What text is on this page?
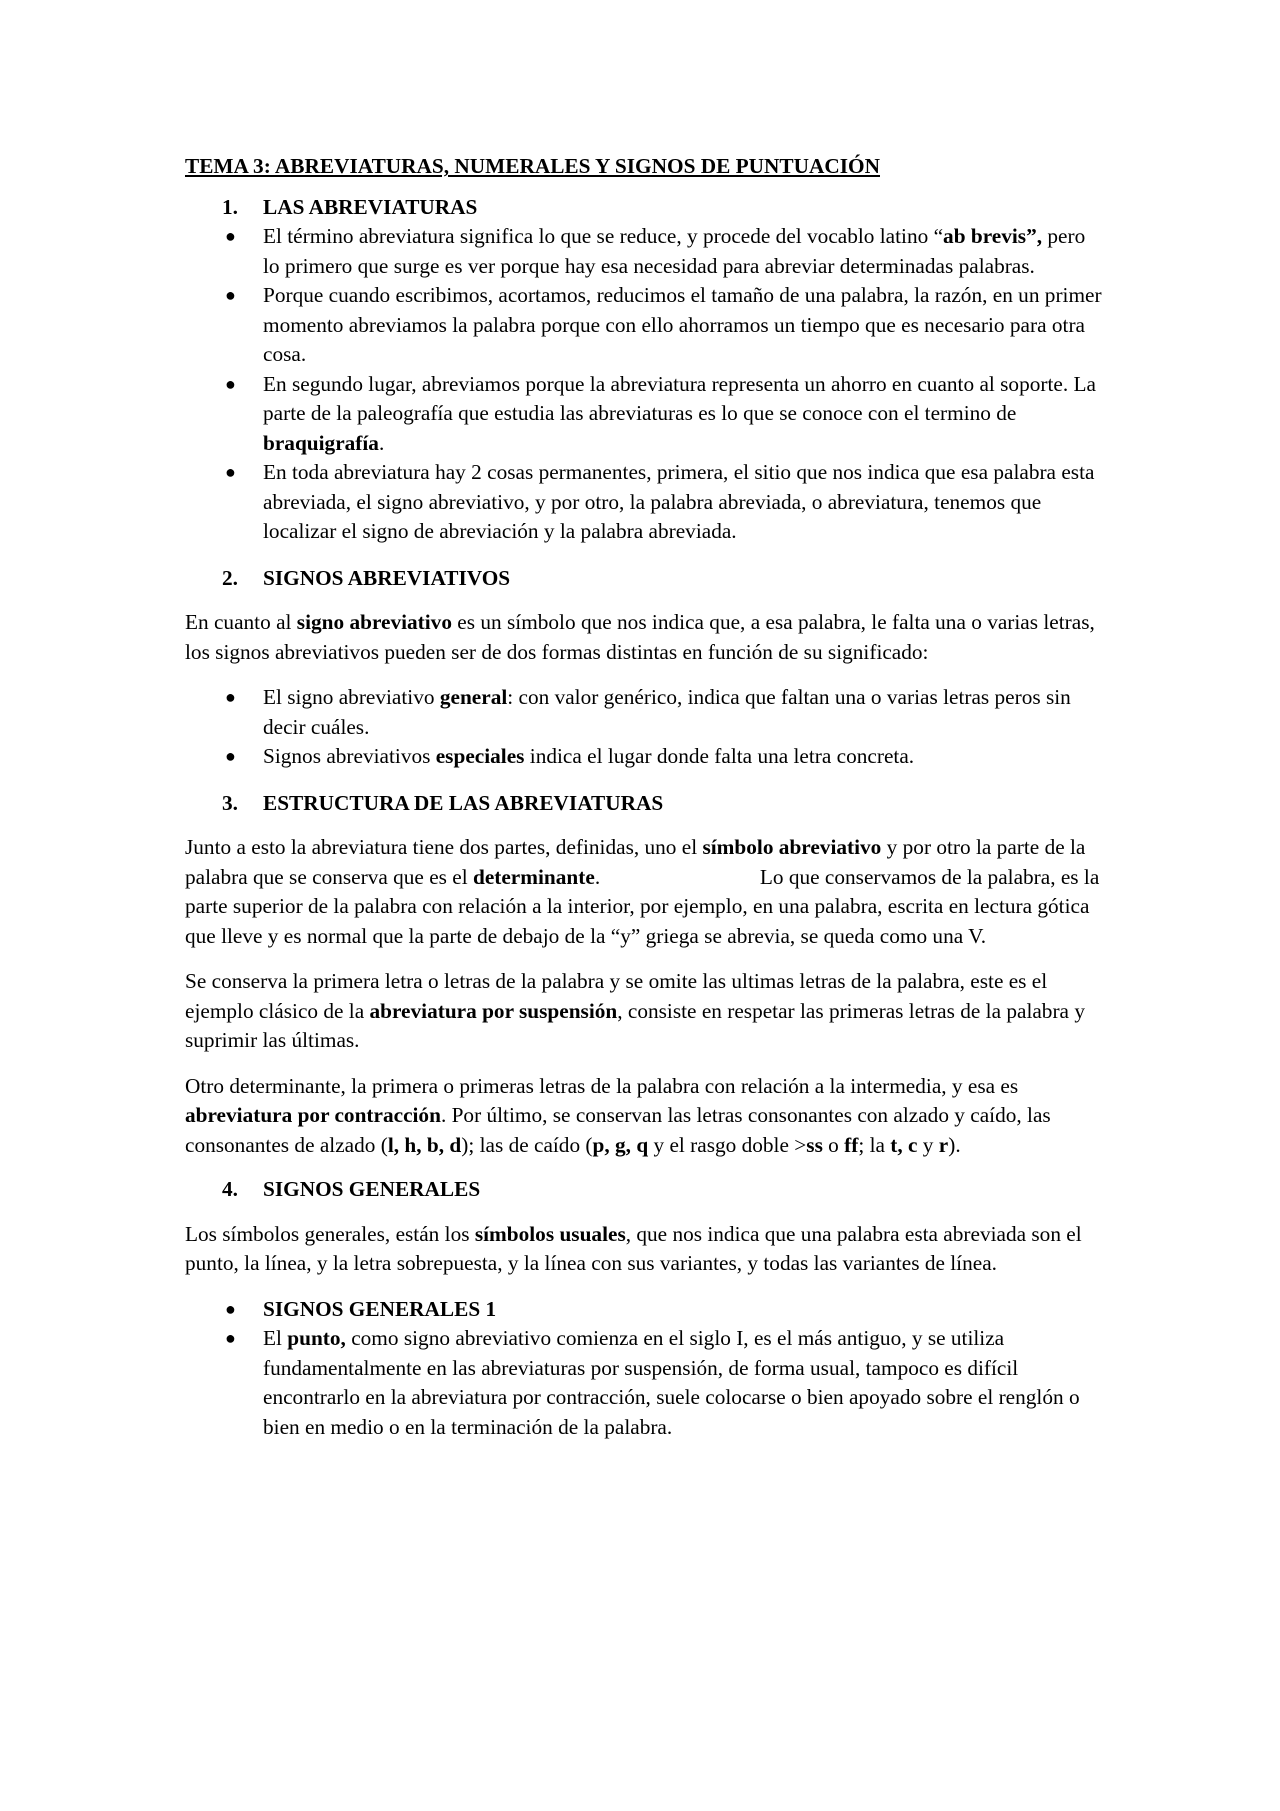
TEMA 3: ABREVIATURAS, NUMERALES Y SIGNOS DE PUNTUACIÓN
1. LAS ABREVIATURAS
● El término abreviatura significa lo que se reduce, y procede del vocablo latino “ab brevis”, pero lo primero que surge es ver porque hay esa necesidad para abreviar determinadas palabras.
● Porque cuando escribimos, acortamos, reducimos el tamaño de una palabra, la razón, en un primer momento abreviamos la palabra porque con ello ahorramos un tiempo que es necesario para otra cosa.
● En segundo lugar, abreviamos porque la abreviatura representa un ahorro en cuanto al soporte. La parte de la paleografía que estudia las abreviaturas es lo que se conoce con el termino de braquigrafía.
● En toda abreviatura hay 2 cosas permanentes, primera, el sitio que nos indica que esa palabra esta abreviada, el signo abreviativo, y por otro, la palabra abreviada, o abreviatura, tenemos que localizar el signo de abreviación y la palabra abreviada.
2. SIGNOS ABREVIATIVOS

En cuanto al signo abreviativo es un símbolo que nos indica que, a esa palabra, le falta una o varias letras, los signos abreviativos pueden ser de dos formas distintas en función de su significado:

● El signo abreviativo general: con valor genérico, indica que faltan una o varias letras peros sin decir cuáles.
● Signos abreviativos especiales indica el lugar donde falta una letra concreta.
3. ESTRUCTURA DE LAS ABREVIATURAS

Junto a esto la abreviatura tiene dos partes, definidas, uno el símbolo abreviativo y por otro la parte de la palabra que se conserva que es el determinante.                              Lo que conservamos de la palabra, es la parte superior de la palabra con relación a la interior, por ejemplo, en una palabra, escrita en lectura gótica que lleve y es normal que la parte de debajo de la “y” griega se abrevia, se queda como una V.

Se conserva la primera letra o letras de la palabra y se omite las ultimas letras de la palabra, este es el ejemplo clásico de la abreviatura por suspensión, consiste en respetar las primeras letras de la palabra y suprimir las últimas.

Otro determinante, la primera o primeras letras de la palabra con relación a la intermedia, y esa es abreviatura por contracción. Por último, se conservan las letras consonantes con alzado y caído, las consonantes de alzado (l, h, b, d); las de caído (p, g, q y el rasgo doble >ss o ff; la t, c y r).

4. SIGNOS GENERALES

Los símbolos generales, están los símbolos usuales, que nos indica que una palabra esta abreviada son el punto, la línea, y la letra sobrepuesta, y la línea con sus variantes, y todas las variantes de línea.

● SIGNOS GENERALES 1
● El punto, como signo abreviativo comienza en el siglo I, es el más antiguo, y se utiliza fundamentalmente en las abreviaturas por suspensión, de forma usual, tampoco es difícil encontrarlo en la abreviatura por contracción, suele colocarse o bien apoyado sobre el renglón o bien en medio o en la terminación de la palabra.
